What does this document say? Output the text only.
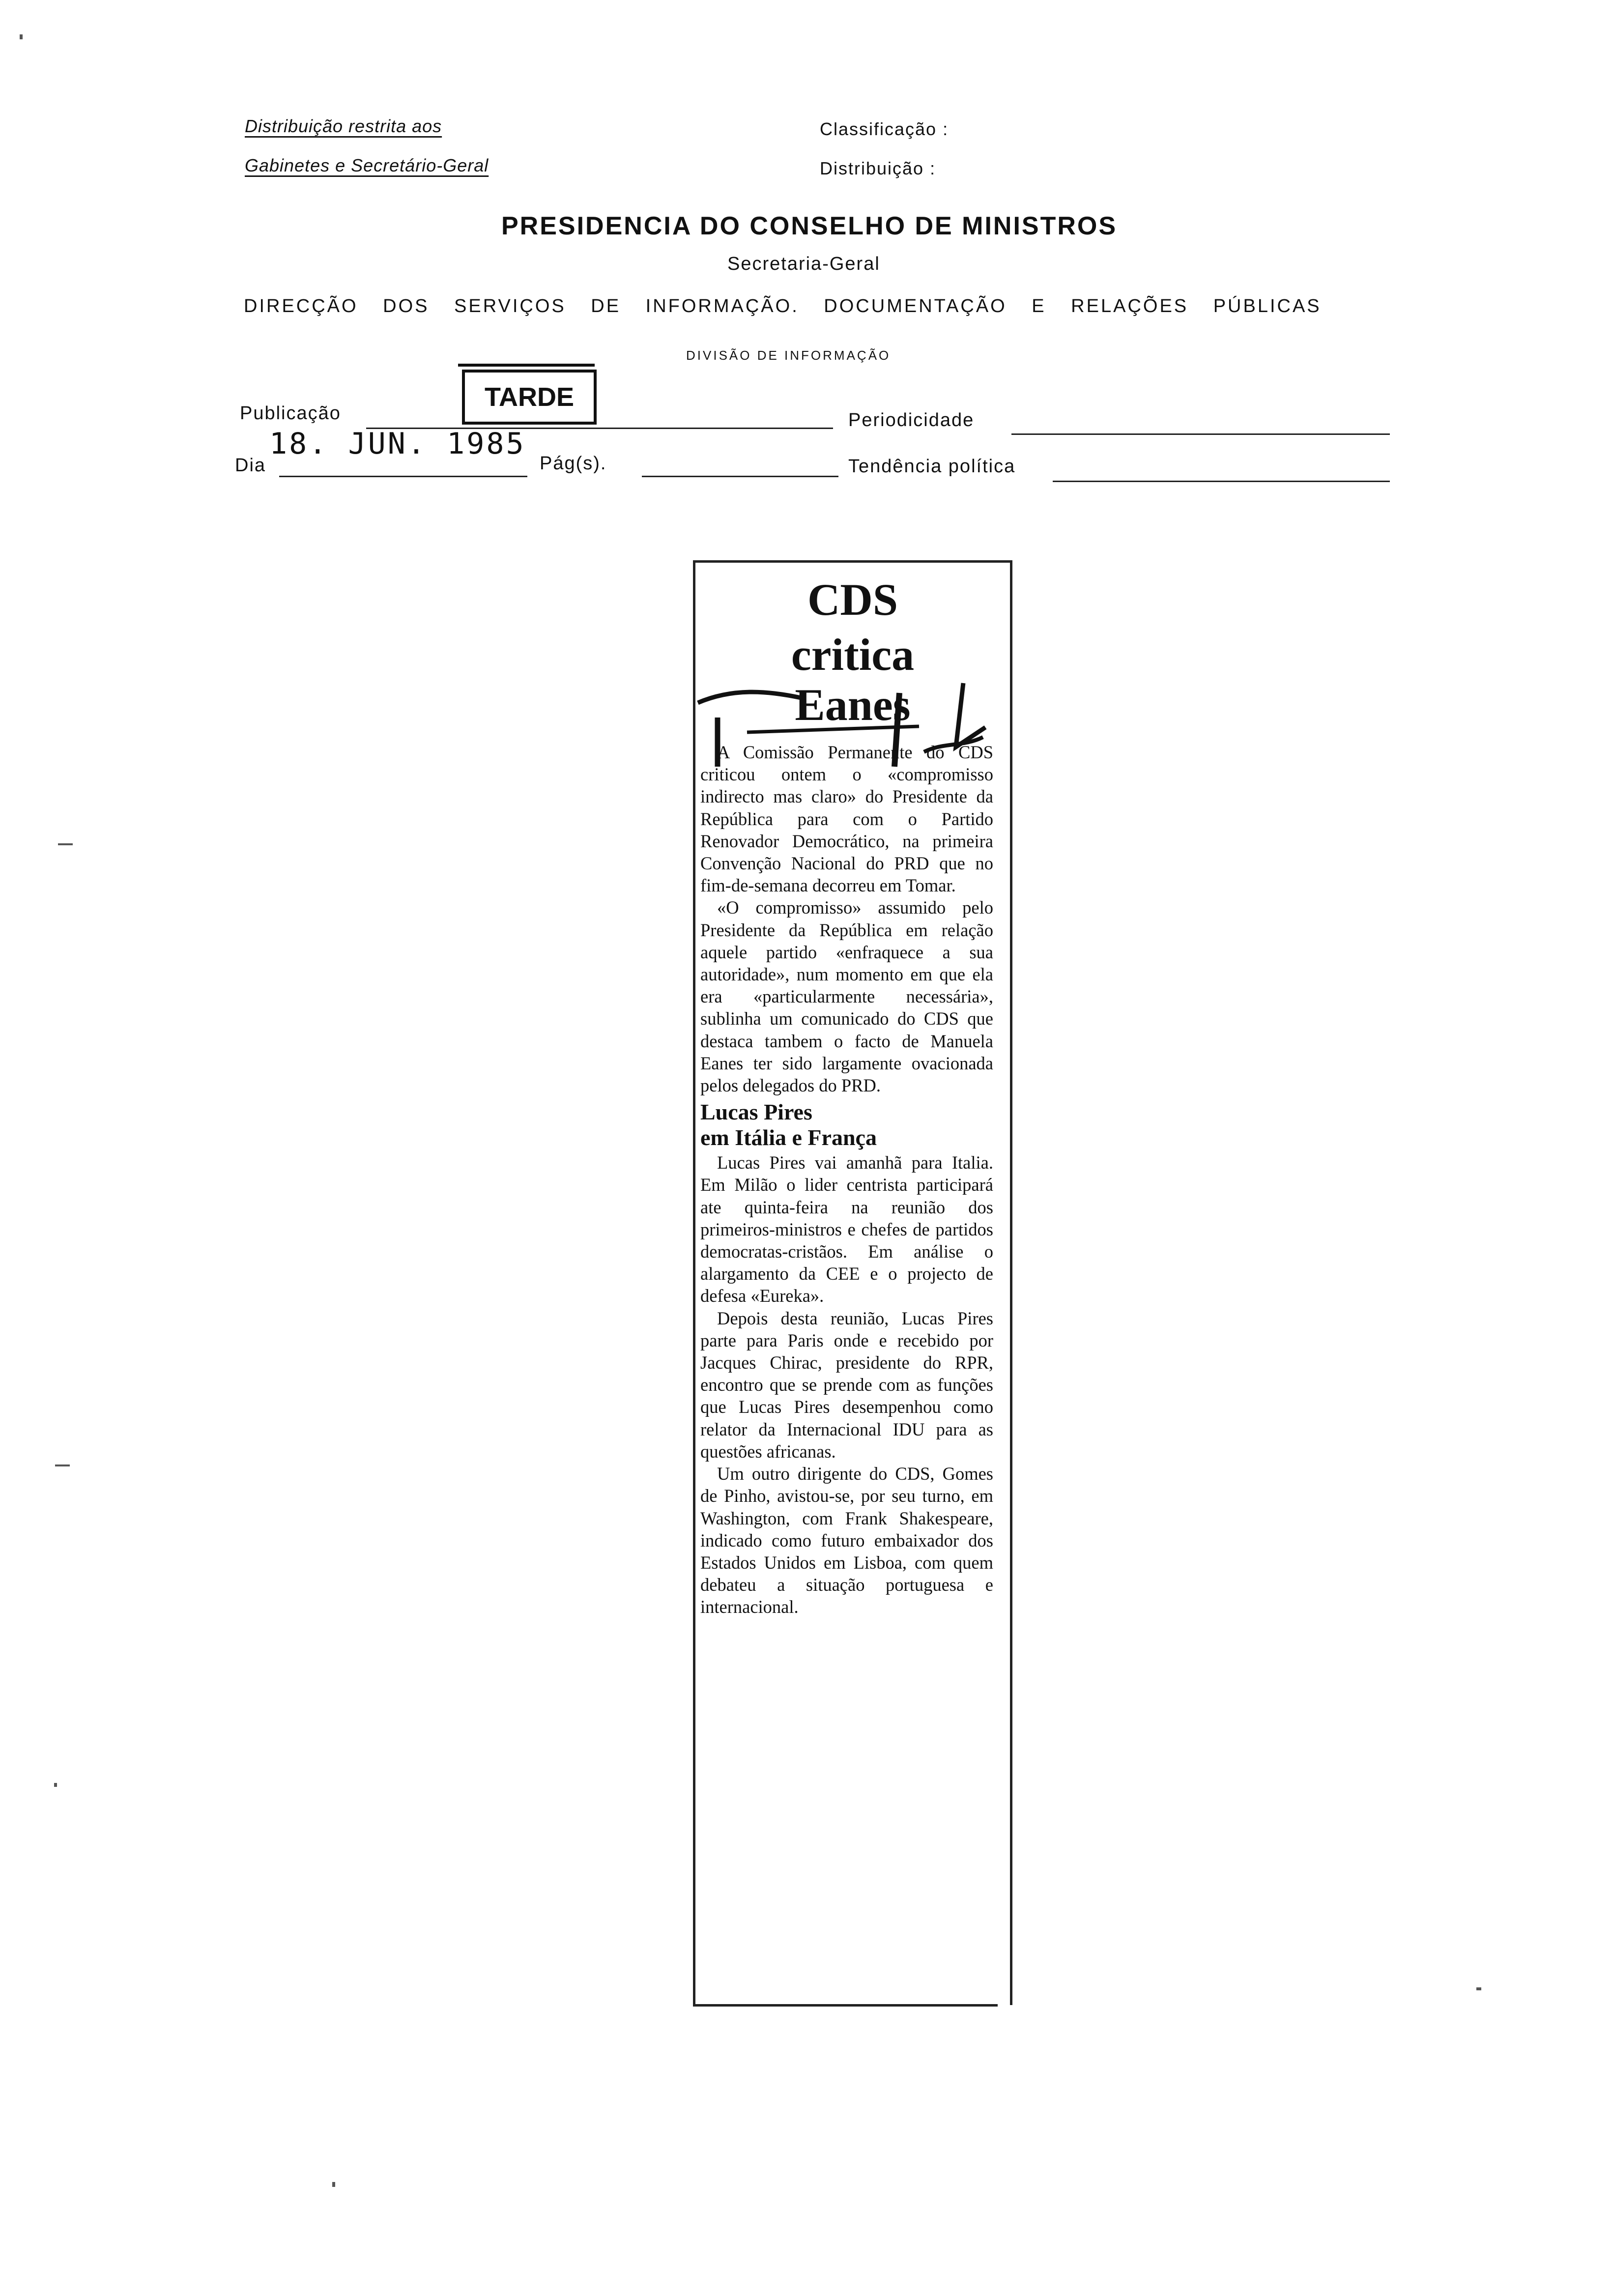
Distribuição restrita aos
Gabinetes e Secretário-Geral
Classificação :
Distribuição :
PRESIDENCIA DO CONSELHO DE MINISTROS
Secretaria-Geral
DIRECÇÃO DOS SERVIÇOS DE INFORMAÇÃO. DOCUMENTAÇÃO E RELAÇÕES PÚBLICAS
DIVISÃO DE INFORMAÇÃO
TARDE
Publicação	Periodicidade
Dia
18. JUN. 1985
Pág(s).	Tendência política
CDS
critica
Eanes

A Comissão Permanente do CDS criticou ontem o «compromisso indirecto mas claro» do Presidente da República para com o Partido Renovador Democrático, na primeira Convenção Nacional do PRD que no fim-de-semana decorreu em Tomar.

«O compromisso» assumido pelo Presidente da República em relação aquele partido «enfraquece a sua autoridade», num momento em que ela era «particularmente necessária», sublinha um comunicado do CDS que destaca tambem o facto de Manuela Eanes ter sido largamente ovacionada pelos delegados do PRD.

Lucas Pires
em Itália e França

Lucas Pires vai amanhã para Italia. Em Milão o lider centrista participará ate quinta-feira na reunião dos primeiros-ministros e chefes de partidos democratas-cristãos. Em análise o alargamento da CEE e o projecto de defesa «Eureka».

Depois desta reunião, Lucas Pires parte para Paris onde e recebido por Jacques Chirac, presidente do RPR, encontro que se prende com as funções que Lucas Pires desempenhou como relator da Internacional IDU para as questões africanas.

Um outro dirigente do CDS, Gomes de Pinho, avistou-se, por seu turno, em Washington, com Frank Shakespeare, indicado como futuro embaixador dos Estados Unidos em Lisboa, com quem debateu a situação portuguesa e internacional.
